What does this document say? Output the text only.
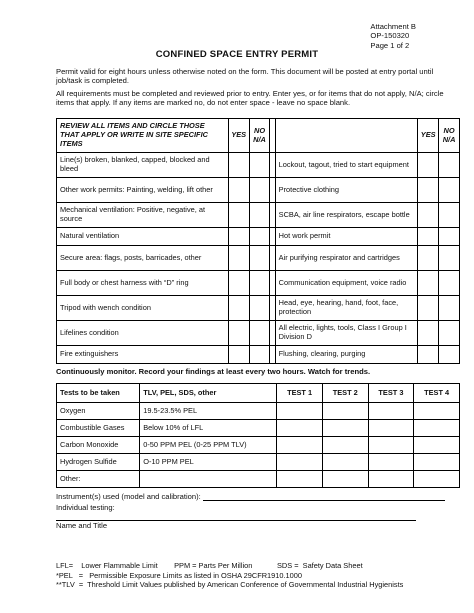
Attachment B
OP-150320
Page 1 of 2
CONFINED SPACE ENTRY PERMIT
Permit valid for eight hours unless otherwise noted on the form. This document will be posted at entry portal until job/task is completed.
All requirements must be completed and reviewed prior to entry. Enter yes, or for items that do not apply, N/A; circle items that apply. If any items are marked no, do not enter space - leave no space blank.
REVIEW ALL ITEMS AND CIRCLE THOSE THAT APPLY OR WRITE IN SITE SPECIFIC ITEMS	YES	NO N/A			YES	NO N/A
Line(s) broken, blanked, capped, blocked and bleed				Lockout, tagout, tried to start equipment		
Other work permits: Painting, welding, lift other				Protective clothing		
Mechanical ventilation: Positive, negative, at source				SCBA, air line respirators, escape bottle		
Natural ventilation				Hot work permit		
Secure area: flags, posts, barricades, other				Air purifying respirator and cartridges		
Full body or chest harness with “D” ring				Communication equipment, voice radio		
Tripod with wench condition				Head, eye, hearing, hand, foot, face, protection		
Lifelines condition				All electric, lights, tools, Class I Group I Division D		
Fire extinguishers				Flushing, clearing, purging		
Continuously monitor. Record your findings at least every two hours. Watch for trends.
Tests to be taken	TLV, PEL, SDS, other	TEST 1	TEST 2	TEST 3	TEST 4
Oxygen	19.5-23.5% PEL				
Combustible Gases	Below 10% of LFL				
Carbon Monoxide	0-50 PPM PEL (0-25 PPM TLV)				
Hydrogen Sulfide	O-10 PPM PEL				
Other:					
Instrument(s) used (model and calibration):
Individual testing:
Name and Title
LFL=    Lower Flammable Limit        PPM = Parts Per Million            SDS =  Safety Data Sheet
*PEL   =   Permissible Exposure Limits as listed in OSHA 29CFR1910.1000
**TLV  =  Threshold Limit Values published by American Conference of Governmental Industrial Hygienists
